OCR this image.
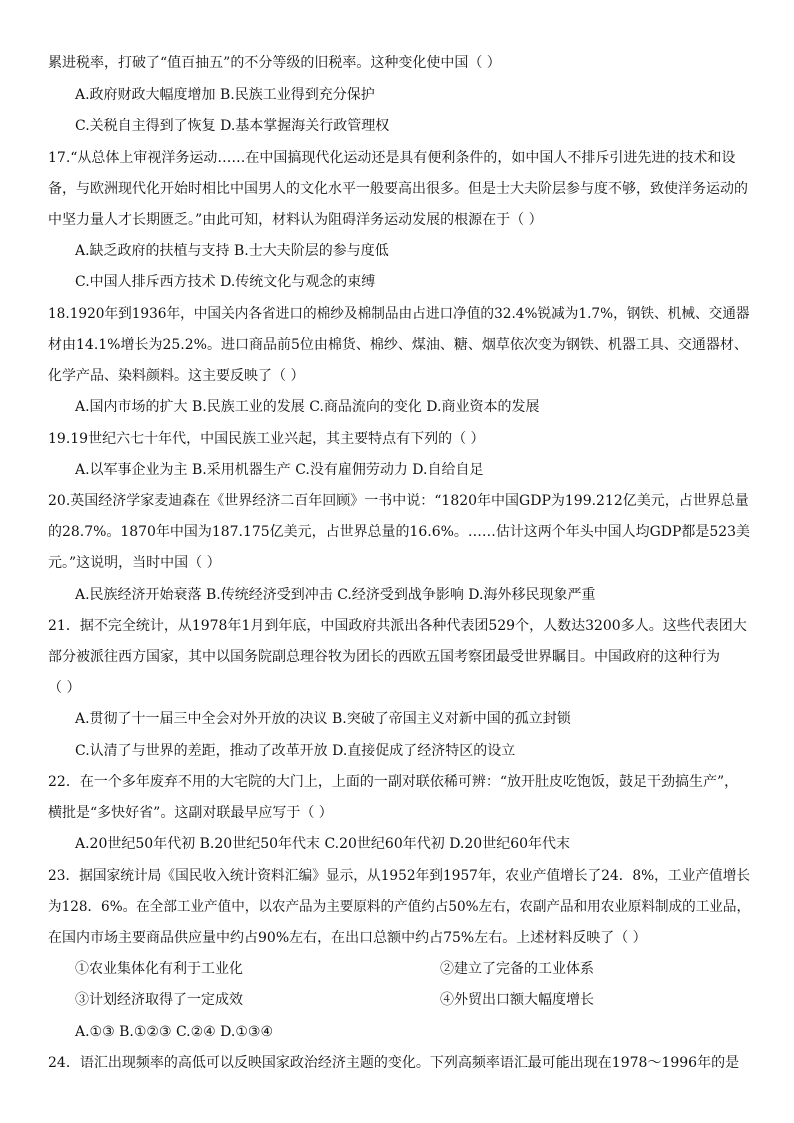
累进税率，打破了“值百抽五”的不分等级的旧税率。这种变化使中国（ ）
A.政府财政大幅度增加 B.民族工业得到充分保护
C.关税自主得到了恢复 D.基本掌握海关行政管理权
17.“从总体上审视洋务运动……在中国搞现代化运动还是具有便利条件的，如中国人不排斥引进先进的技术和设
备，与欧洲现代化开始时相比中国男人的文化水平一般要高出很多。但是士大夫阶层参与度不够，致使洋务运动的
中坚力量人才长期匮乏。”由此可知，材料认为阻碍洋务运动发展的根源在于（ ）
A.缺乏政府的扶植与支持 B.士大夫阶层的参与度低
C.中国人排斥西方技术 D.传统文化与观念的束缚
18.1920年到1936年，中国关内各省进口的棉纱及棉制品由占进口净值的32.4%锐减为1.7%，钢铁、机械、交通器
材由14.1%增长为25.2%。进口商品前5位由棉货、棉纱、煤油、糖、烟草依次变为钢铁、机器工具、交通器材、
化学产品、染料颜料。这主要反映了（ ）
A.国内市场的扩大 B.民族工业的发展 C.商品流向的变化 D.商业资本的发展
19.19世纪六七十年代，中国民族工业兴起，其主要特点有下列的（ ）
A.以军事企业为主 B.采用机器生产 C.没有雇佣劳动力 D.自给自足
20.英国经济学家麦迪森在《世界经济二百年回顾》一书中说：“1820年中国GDP为199.212亿美元，占世界总量
的28.7%。1870年中国为187.175亿美元，占世界总量的16.6%。……估计这两个年头中国人均GDP都是523美
元。”这说明，当时中国（ ）
A.民族经济开始衰落 B.传统经济受到冲击 C.经济受到战争影响 D.海外移民现象严重
21．据不完全统计，从1978年1月到年底，中国政府共派出各种代表团529个，人数达3200多人。这些代表团大
部分被派往西方国家，其中以国务院副总理谷牧为团长的西欧五国考察团最受世界瞩目。中国政府的这种行为
（ ）
A.贯彻了十一届三中全会对外开放的决议 B.突破了帝国主义对新中国的孤立封锁
C.认清了与世界的差距，推动了改革开放 D.直接促成了经济特区的设立
22．在一个多年废弃不用的大宅院的大门上，上面的一副对联依稀可辨：“放开肚皮吃饱饭，鼓足干劲搞生产”，
横批是“多快好省”。这副对联最早应写于（ ）
A.20世纪50年代初 B.20世纪50年代末 C.20世纪60年代初 D.20世纪60年代末
23．据国家统计局《国民收入统计资料汇编》显示，从1952年到1957年，农业产值增长了24．8%，工业产值增长
为128．6%。在全部工业产值中，以农产品为主要原料的产值约占50%左右，农副产品和用农业原料制成的工业品，
在国内市场主要商品供应量中约占90%左右，在出口总额中约占75%左右。上述材料反映了（ ）
①农业集体化有利于工业化	②建立了完备的工业体系
③计划经济取得了一定成效	④外贸出口额大幅度增长
A.①③ B.①②③ C.②④ D.①③④
24．语汇出现频率的高低可以反映国家政治经济主题的变化。下列高频率语汇最可能出现在1978～1996年的是
